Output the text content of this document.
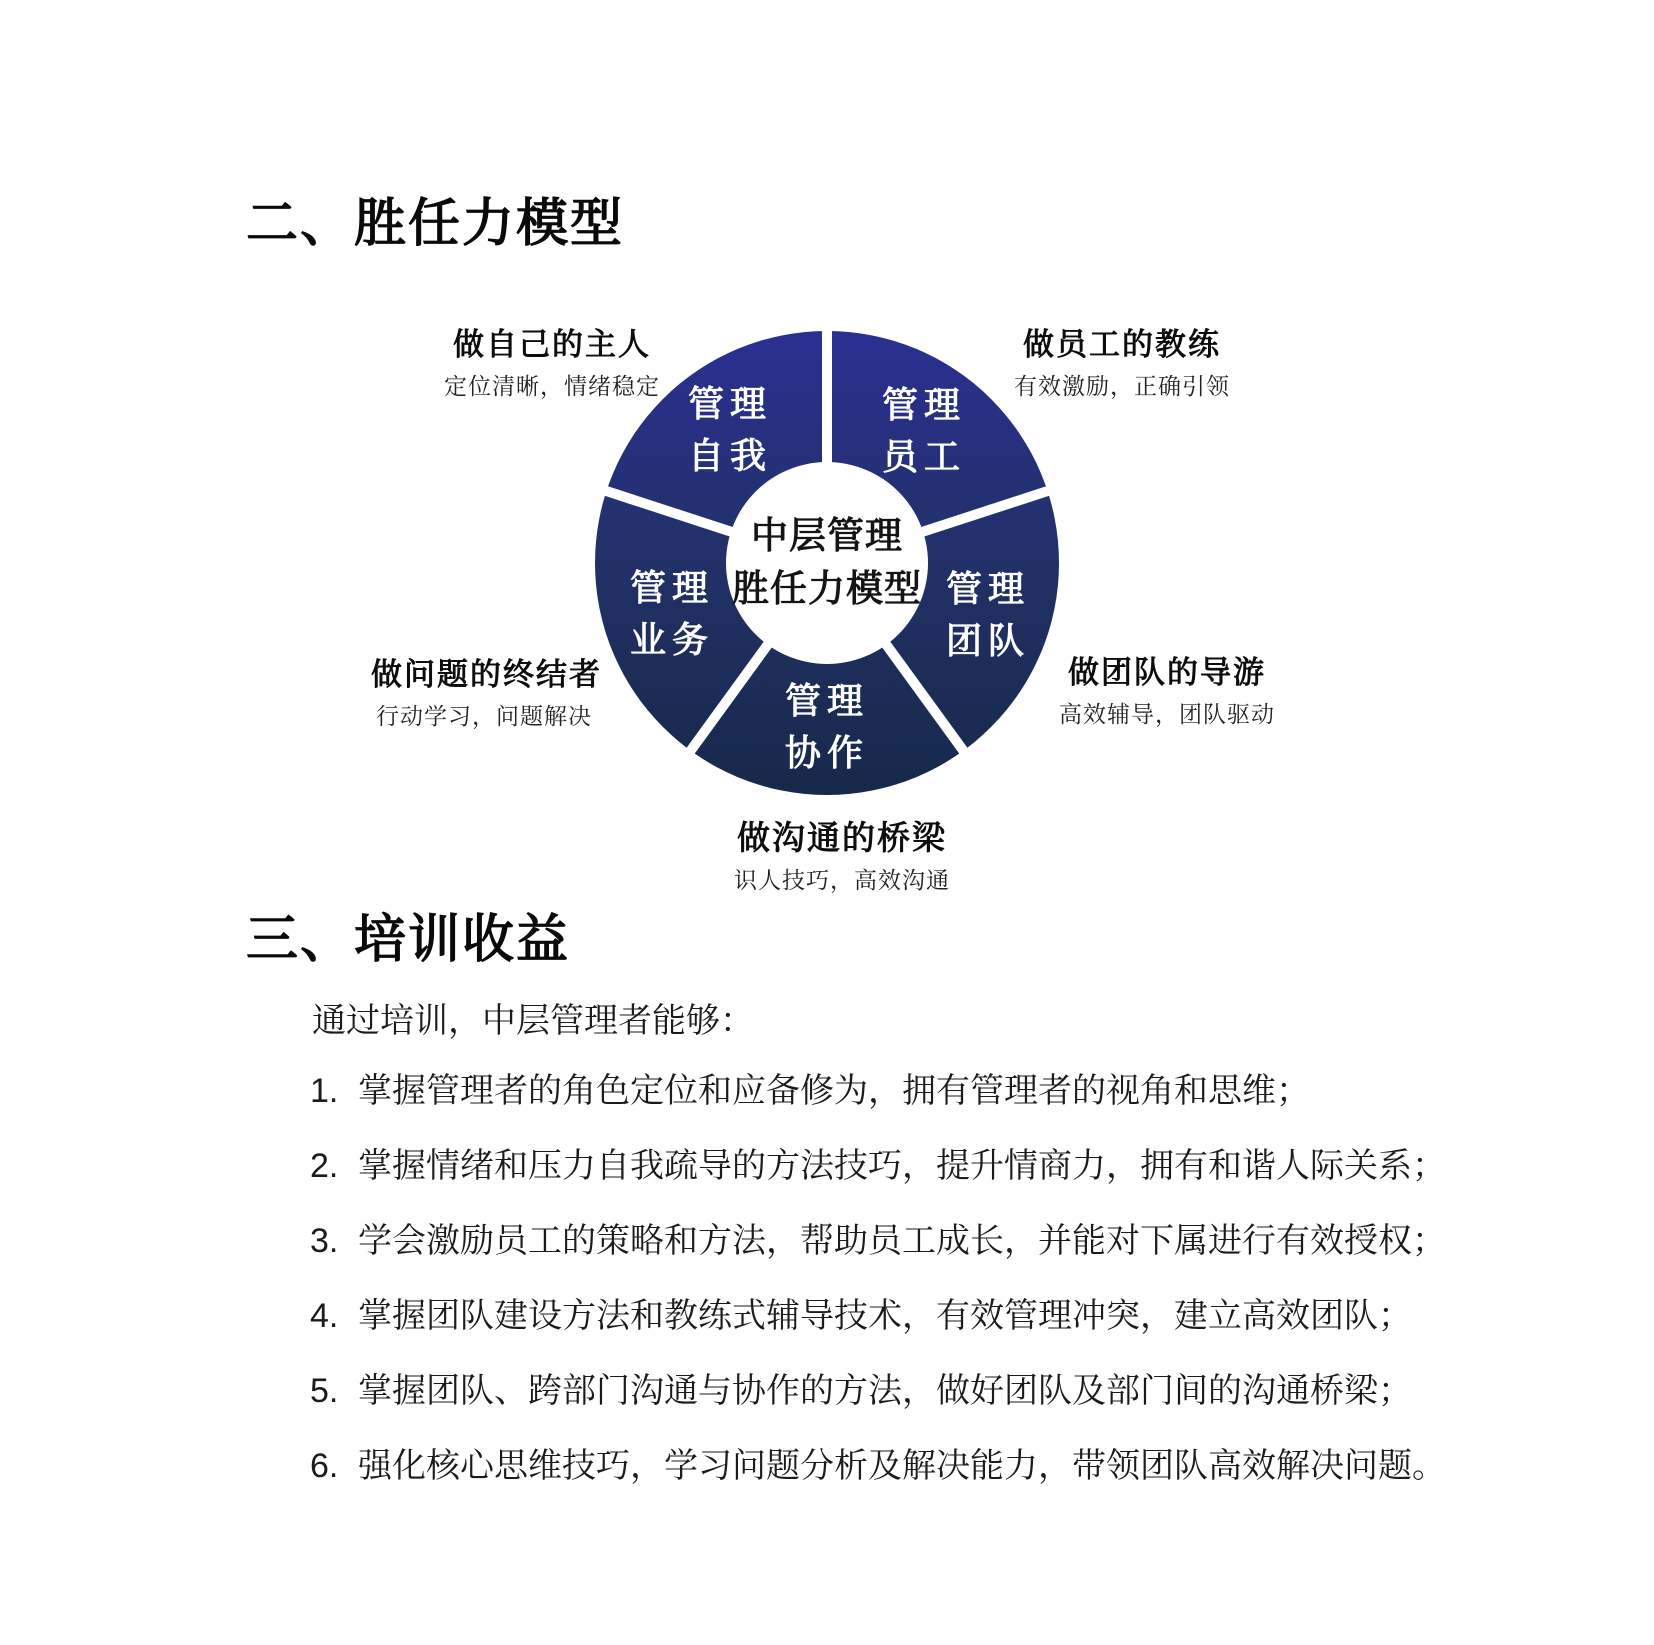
二、胜任力模型
管理
自我
管理
员工
管理
团队
管理
协作
管理
业务
中层管理
胜任力模型
做自己的主人
定位清晰，情绪稳定
做员工的教练
有效激励，正确引领
做团队的导游
高效辅导，团队驱动
做沟通的桥梁
识人技巧，高效沟通
做问题的终结者
行动学习，问题解决
三、培训收益
通过培训，中层管理者能够：
1. 掌握管理者的角色定位和应备修为，拥有管理者的视角和思维；
2. 掌握情绪和压力自我疏导的方法技巧，提升情商力，拥有和谐人际关系；
3. 学会激励员工的策略和方法，帮助员工成长，并能对下属进行有效授权；
4. 掌握团队建设方法和教练式辅导技术，有效管理冲突，建立高效团队；
5. 掌握团队、跨部门沟通与协作的方法，做好团队及部门间的沟通桥梁；
6. 强化核心思维技巧，学习问题分析及解决能力，带领团队高效解决问题。
